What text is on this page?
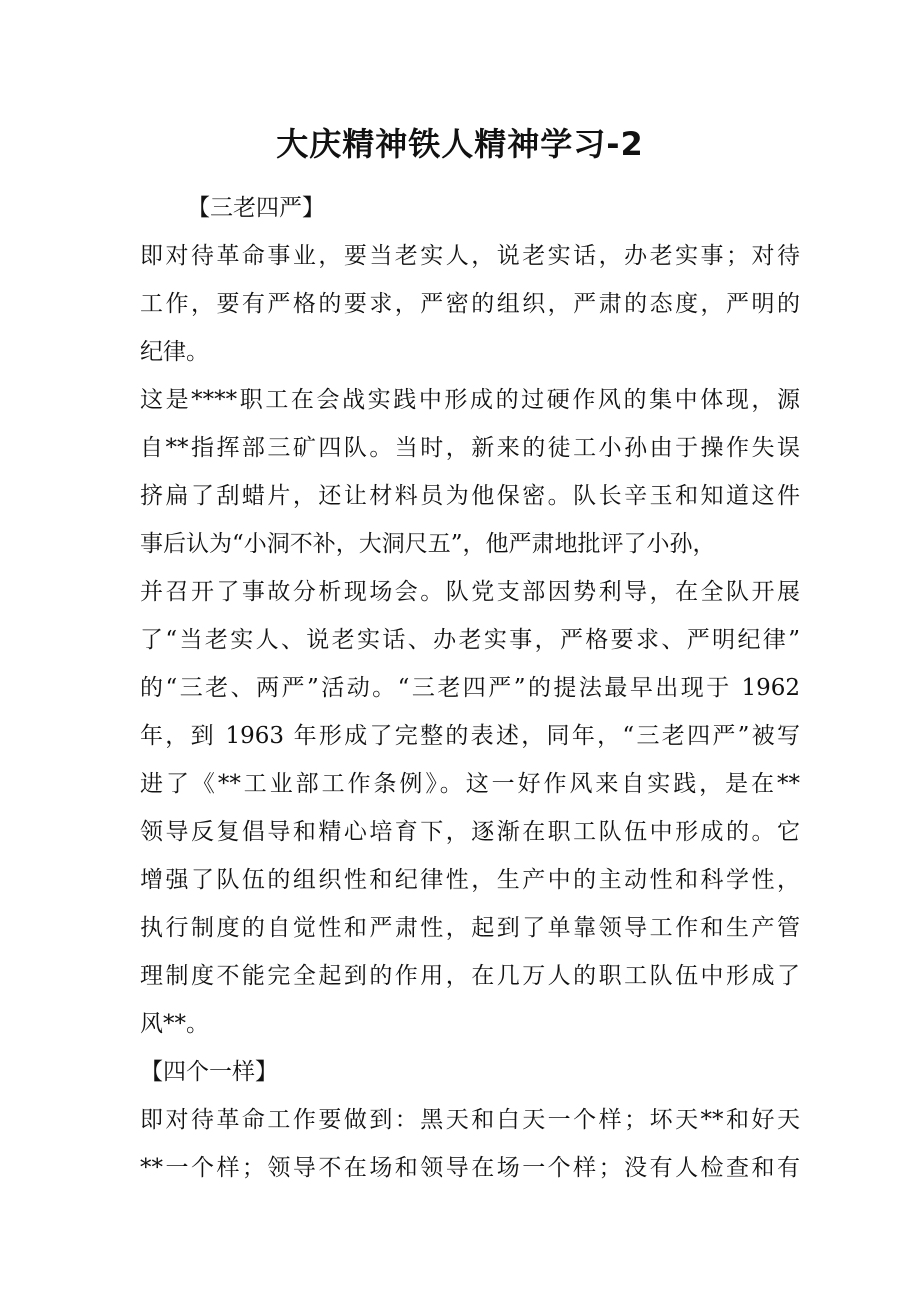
大庆精神铁人精神学习-2
【三老四严】
即对待革命事业，要当老实人，说老实话，办老实事；对待
工作，要有严格的要求，严密的组织，严肃的态度，严明的
纪律。
这是****职工在会战实践中形成的过硬作风的集中体现，源
自**指挥部三矿四队。当时，新来的徒工小孙由于操作失误
挤扁了刮蜡片，还让材料员为他保密。队长辛玉和知道这件
事后认为“小洞不补，大洞尺五”，他严肃地批评了小孙，
并召开了事故分析现场会。队党支部因势利导，在全队开展
了“当老实人、说老实话、办老实事，严格要求、严明纪律”
的“三老、两严”活动。“三老四严”的提法最早出现于 1962
年，到 1963 年形成了完整的表述，同年，“三老四严”被写
进了《**工业部工作条例》。这一好作风来自实践，是在**
领导反复倡导和精心培育下，逐渐在职工队伍中形成的。它
增强了队伍的组织性和纪律性，生产中的主动性和科学性，
执行制度的自觉性和严肃性，起到了单靠领导工作和生产管
理制度不能完全起到的作用，在几万人的职工队伍中形成了
风**。
【四个一样】
即对待革命工作要做到：黑天和白天一个样；坏天**和好天
**一个样；领导不在场和领导在场一个样；没有人检查和有
